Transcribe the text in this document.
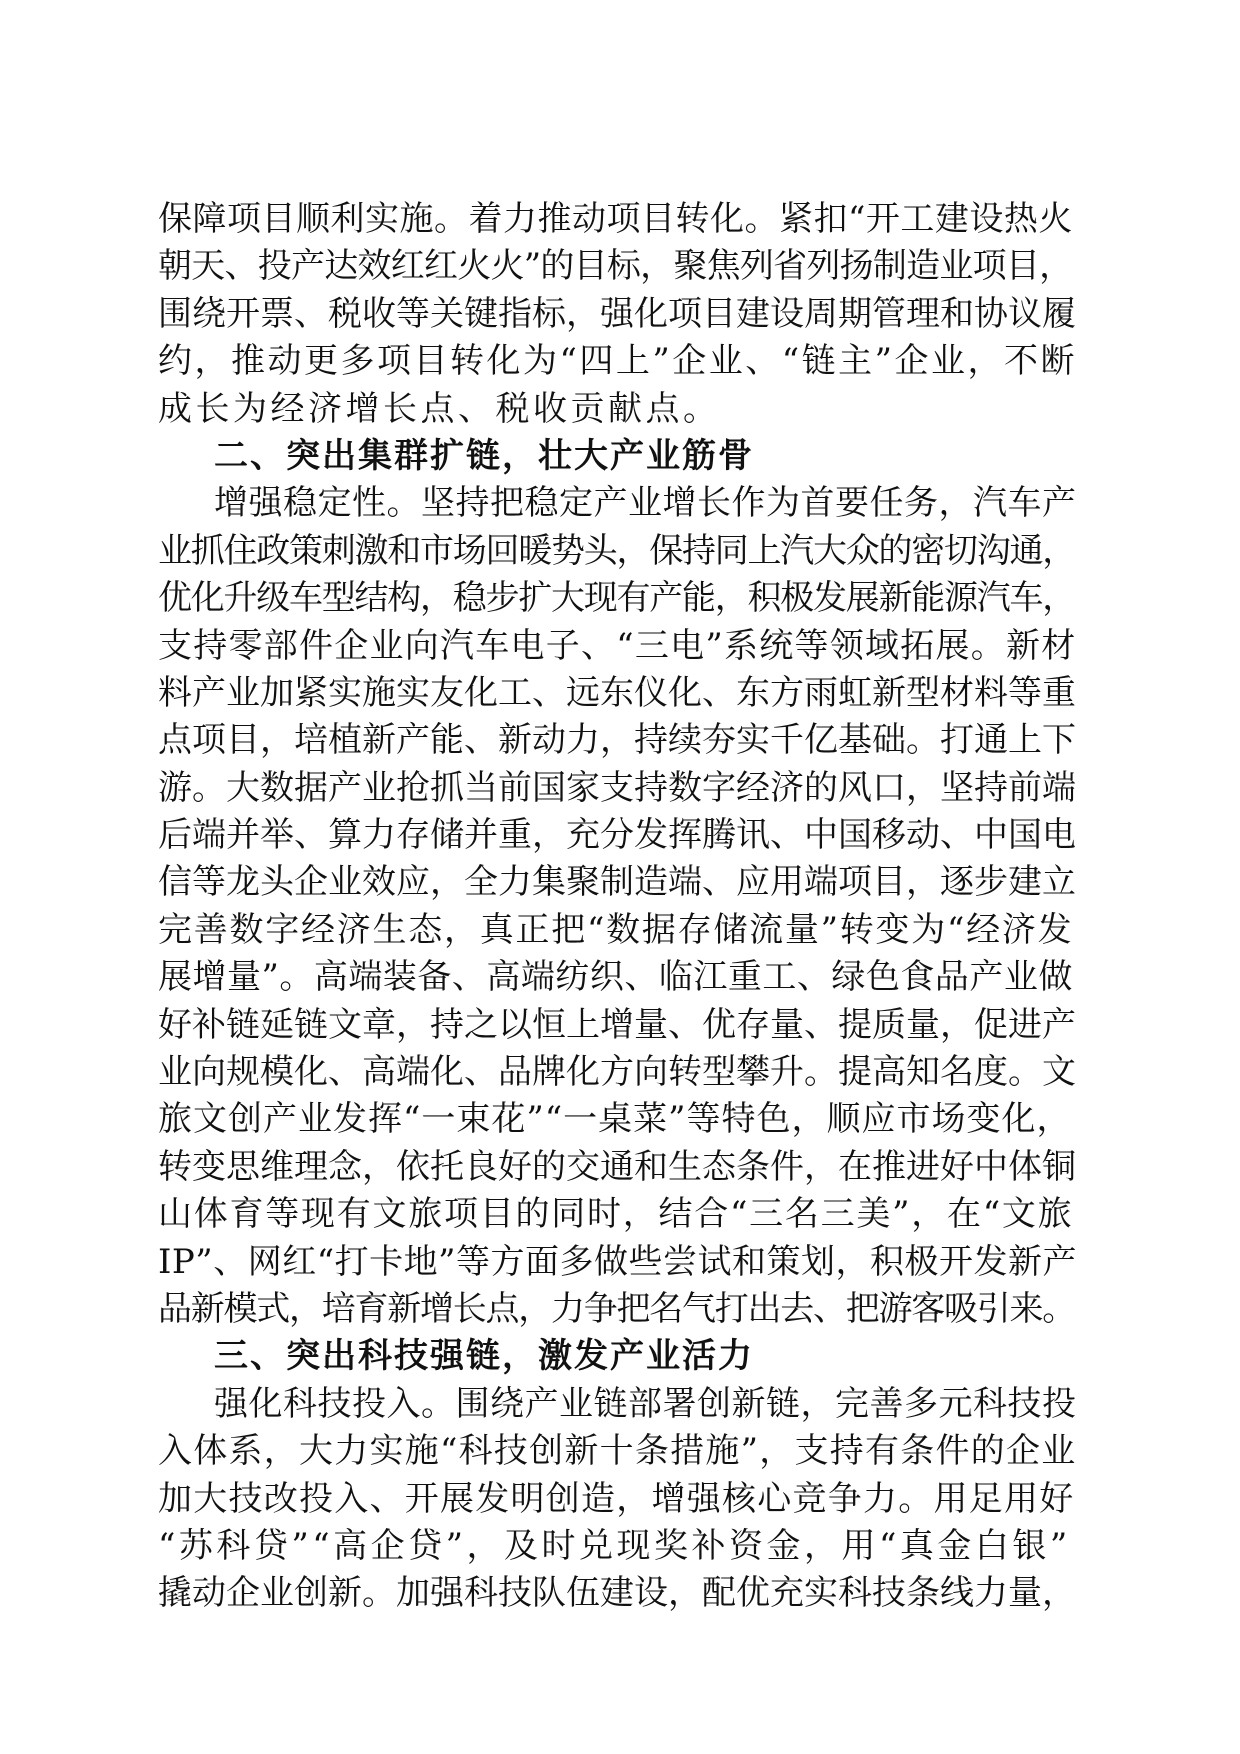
保障项目顺利实施。着力推动项目转化。紧扣“开工建设热火
朝天、投产达效红红火火”的目标，聚焦列省列扬制造业项目，
围绕开票、税收等关键指标，强化项目建设周期管理和协议履
约，推动更多项目转化为“四上”企业、“链主”企业，不断
成长为经济增长点、税收贡献点。
二、突出集群扩链，壮大产业筋骨
增强稳定性。坚持把稳定产业增长作为首要任务，汽车产
业抓住政策刺激和市场回暖势头，保持同上汽大众的密切沟通，
优化升级车型结构，稳步扩大现有产能，积极发展新能源汽车，
支持零部件企业向汽车电子、“三电”系统等领域拓展。新材
料产业加紧实施实友化工、远东仪化、东方雨虹新型材料等重
点项目，培植新产能、新动力，持续夯实千亿基础。打通上下
游。大数据产业抢抓当前国家支持数字经济的风口，坚持前端
后端并举、算力存储并重，充分发挥腾讯、中国移动、中国电
信等龙头企业效应，全力集聚制造端、应用端项目，逐步建立
完善数字经济生态，真正把“数据存储流量”转变为“经济发
展增量”。高端装备、高端纺织、临江重工、绿色食品产业做
好补链延链文章，持之以恒上增量、优存量、提质量，促进产
业向规模化、高端化、品牌化方向转型攀升。提高知名度。文
旅文创产业发挥“一束花”“一桌菜”等特色，顺应市场变化，
转变思维理念，依托良好的交通和生态条件，在推进好中体铜
山体育等现有文旅项目的同时，结合“三名三美”，在“文旅
IP”、网红“打卡地”等方面多做些尝试和策划，积极开发新产
品新模式，培育新增长点，力争把名气打出去、把游客吸引来。
三、突出科技强链，激发产业活力
强化科技投入。围绕产业链部署创新链，完善多元科技投
入体系，大力实施“科技创新十条措施”，支持有条件的企业
加大技改投入、开展发明创造，增强核心竞争力。用足用好
“苏科贷”“高企贷”，及时兑现奖补资金，用“真金白银”
撬动企业创新。加强科技队伍建设，配优充实科技条线力量，
